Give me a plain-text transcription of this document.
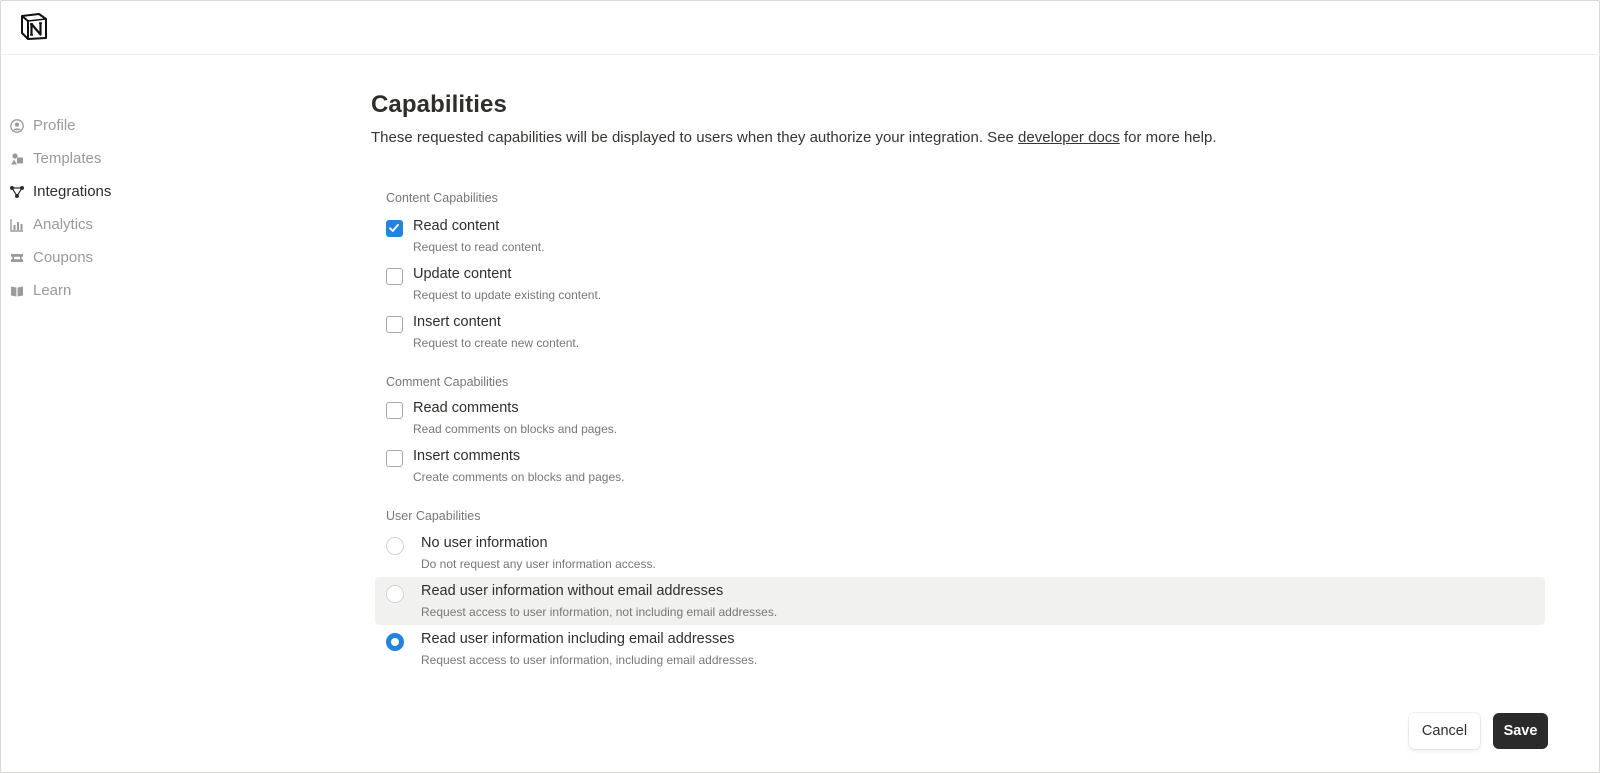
Profile
Templates
Integrations
Analytics
Coupons
Learn
Capabilities

These requested capabilities will be displayed to users when they authorize your integration. See developer docs for more help.

Content Capabilities
Read content
Request to read content.
Update content
Request to update existing content.
Insert content
Request to create new content.
Comment Capabilities
Read comments
Read comments on blocks and pages.
Insert comments
Create comments on blocks and pages.
User Capabilities
No user information
Do not request any user information access.
Read user information without email addresses
Request access to user information, not including email addresses.
Read user information including email addresses
Request access to user information, including email addresses.
Cancel	Save
